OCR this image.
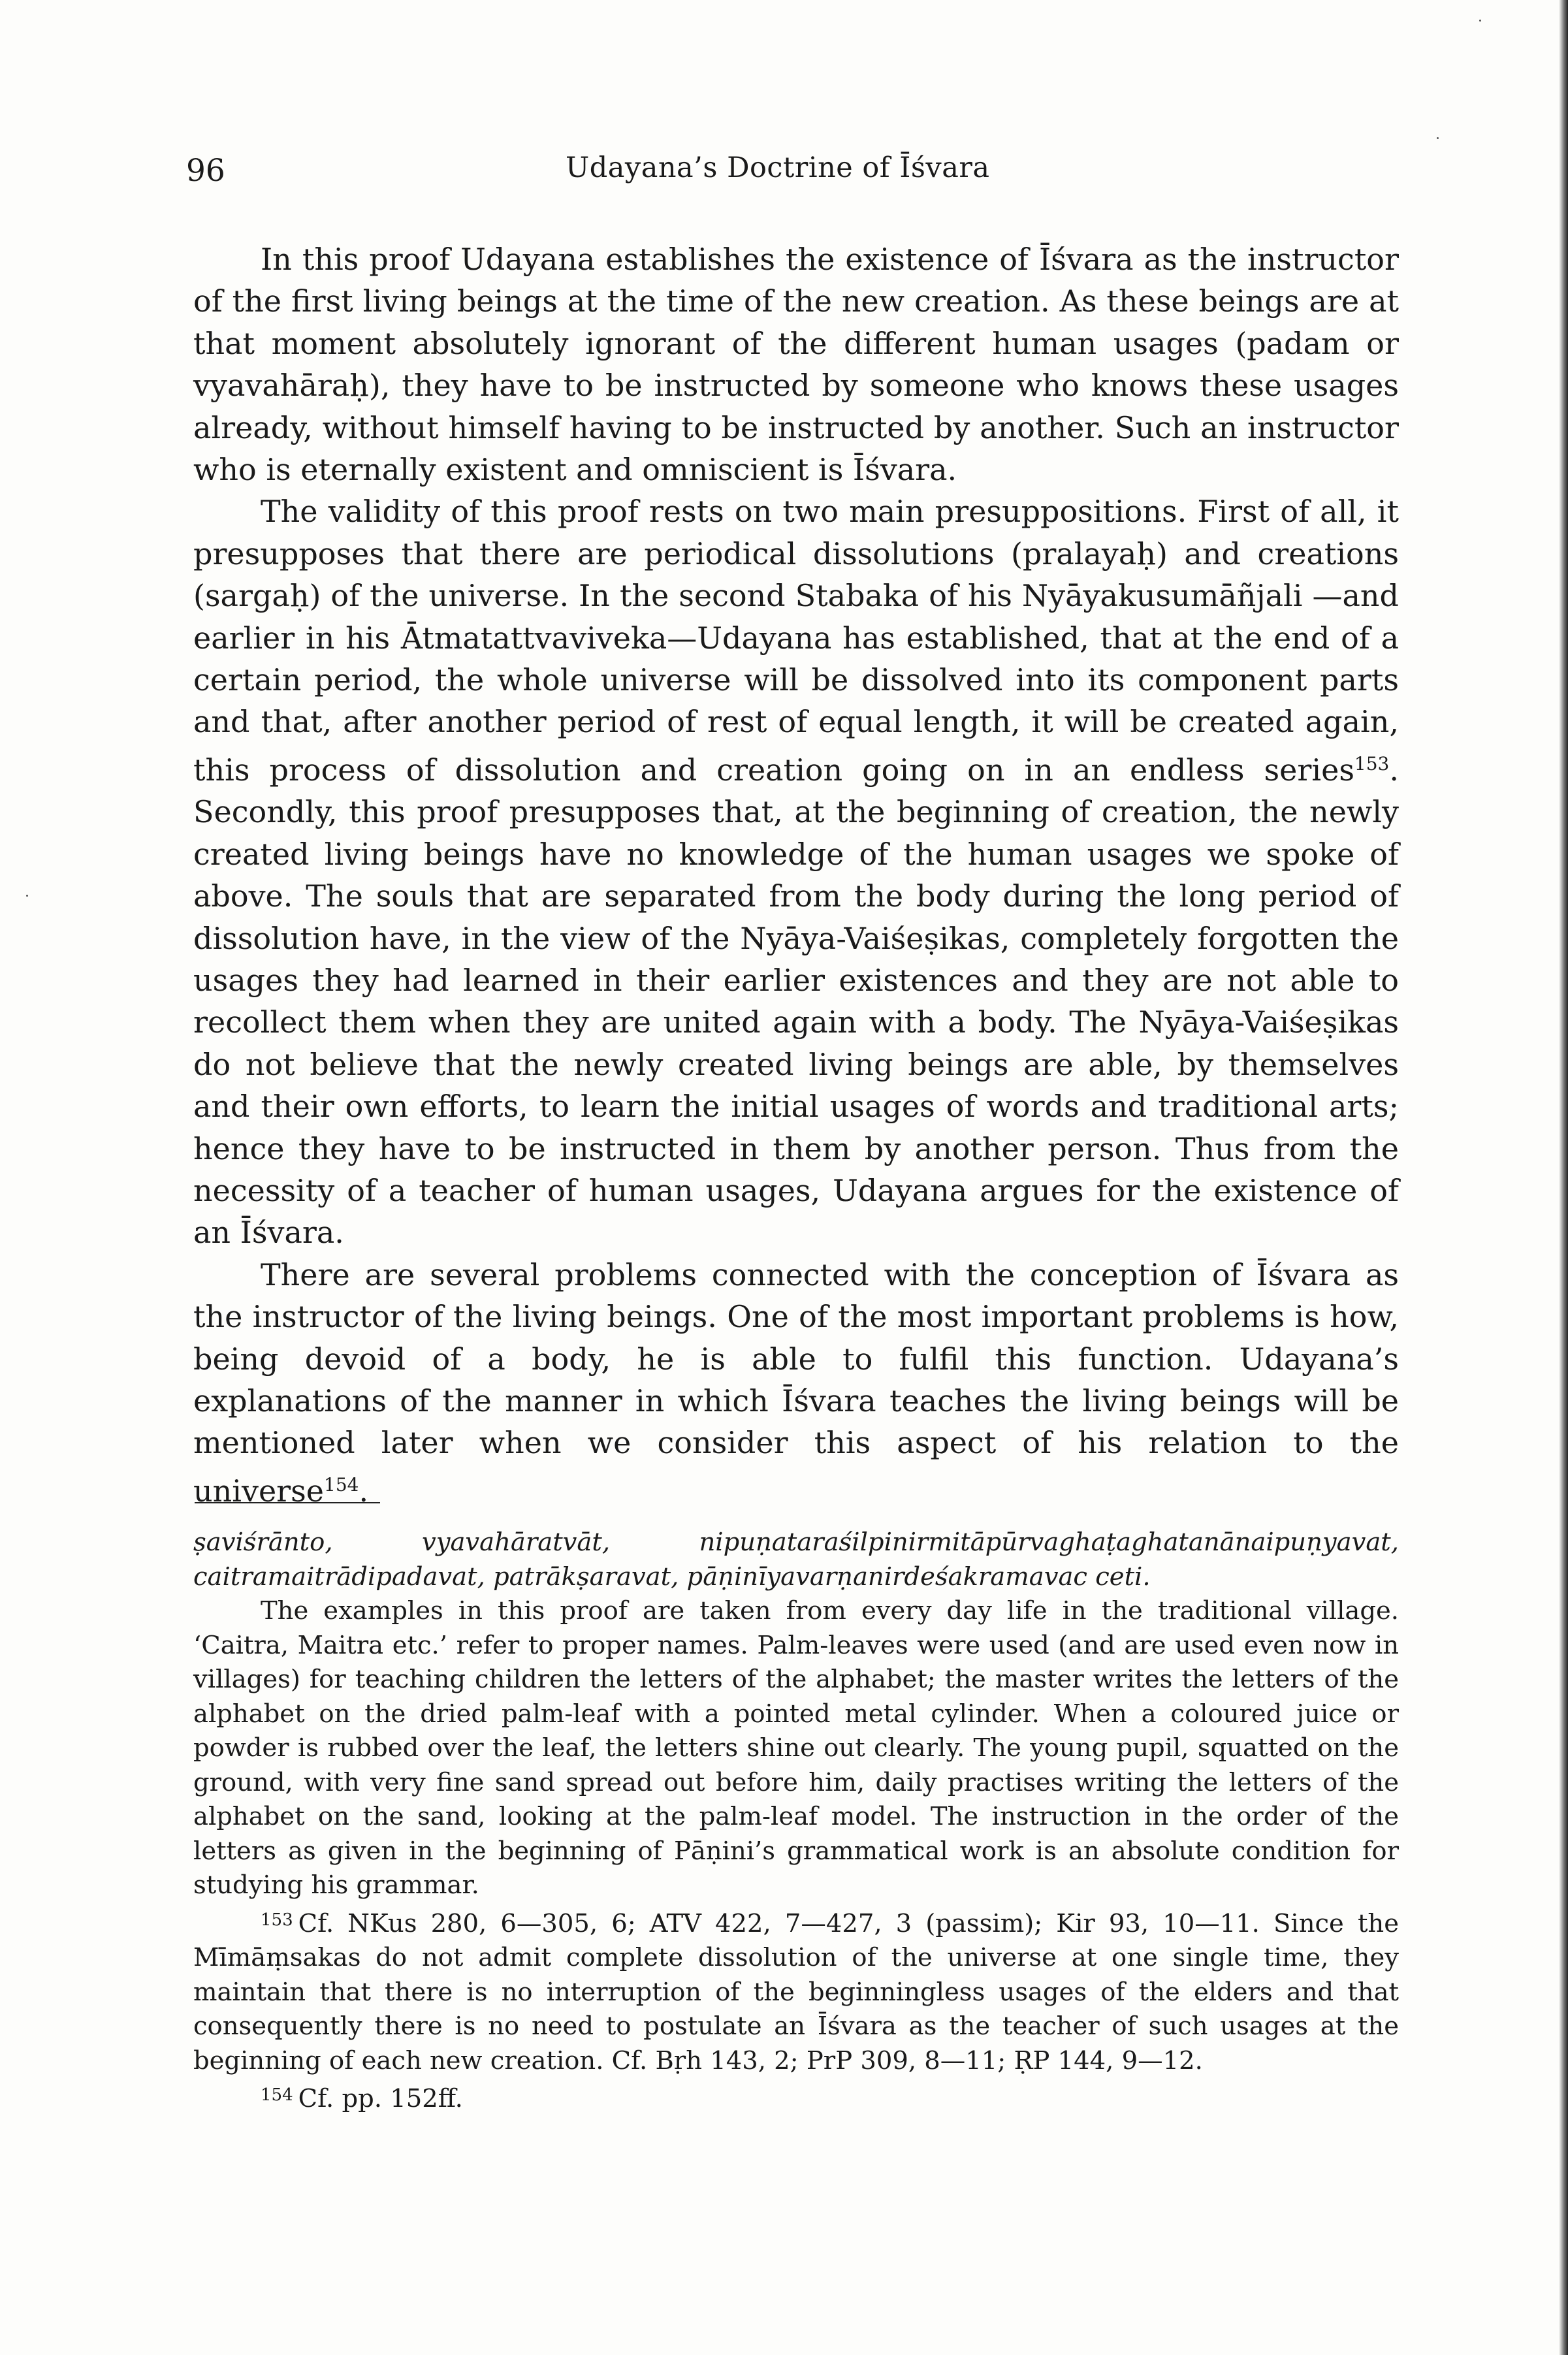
96	Udayana’s Doctrine of Īśvara

In this proof Udayana establishes the existence of Īśvara as the instructor of the first living beings at the time of the new creation. As these beings are at that moment absolutely ignorant of the different human usages (padam or vyavahāraḥ), they have to be instructed by someone who knows these usages already, without himself having to be instructed by another. Such an instructor who is eternally existent and omniscient is Īśvara.

The validity of this proof rests on two main presuppositions. First of all, it presupposes that there are periodical dissolutions (pralayaḥ) and creations (sargaḥ) of the universe. In the second Stabaka of his Nyāyakusumāñjali —and earlier in his Ātmatattvaviveka—Udayana has established, that at the end of a certain period, the whole universe will be dissolved into its component parts and that, after another period of rest of equal length, it will be created again, this process of dissolution and creation going on in an endless series$^{153}$. Secondly, this proof presupposes that, at the beginning of creation, the newly created living beings have no knowledge of the human usages we spoke of above. The souls that are separated from the body during the long period of dissolution have, in the view of the Nyāya-Vaiśeṣikas, completely forgotten the usages they had learned in their earlier existences and they are not able to recollect them when they are united again with a body. The Nyāya-Vaiśeṣikas do not believe that the newly created living beings are able, by themselves and their own efforts, to learn the initial usages of words and traditional arts; hence they have to be instructed in them by another person. Thus from the necessity of a teacher of human usages, Udayana argues for the existence of an Īśvara.

There are several problems connected with the conception of Īśvara as the instructor of the living beings. One of the most important problems is how, being devoid of a body, he is able to fulfil this function. Udayana’s explanations of the manner in which Īśvara teaches the living beings will be mentioned later when we consider this aspect of his relation to the universe$^{154}$.

ṣaviśrānto, vyavahāratvāt, nipuṇataraśilpinirmitāpūrvaghaṭaghatanānaipuṇyavat, caitramaitrādipadavat, patrākṣaravat, pāṇinīyavarṇanirdeśakramavac ceti.

The examples in this proof are taken from every day life in the traditional village. ‘Caitra, Maitra etc.’ refer to proper names. Palm-leaves were used (and are used even now in villages) for teaching children the letters of the alphabet; the master writes the letters of the alphabet on the dried palm-leaf with a pointed metal cylinder. When a coloured juice or powder is rubbed over the leaf, the letters shine out clearly. The young pupil, squatted on the ground, with very fine sand spread out before him, daily practises writing the letters of the alphabet on the sand, looking at the palm-leaf model. The instruction in the order of the letters as given in the beginning of Pāṇini’s grammatical work is an absolute condition for studying his grammar.

$^{153}$ Cf. NKus 280, 6—305, 6; ATV 422, 7—427, 3 (passim); Kir 93, 10—11. Since the Mīmāṃsakas do not admit complete dissolution of the universe at one single time, they maintain that there is no interruption of the beginningless usages of the elders and that consequently there is no need to postulate an Īśvara as the teacher of such usages at the beginning of each new creation. Cf. Bṛh 143, 2; PrP 309, 8—11; ṚP 144, 9—12.

$^{154}$ Cf. pp. 152ff.
